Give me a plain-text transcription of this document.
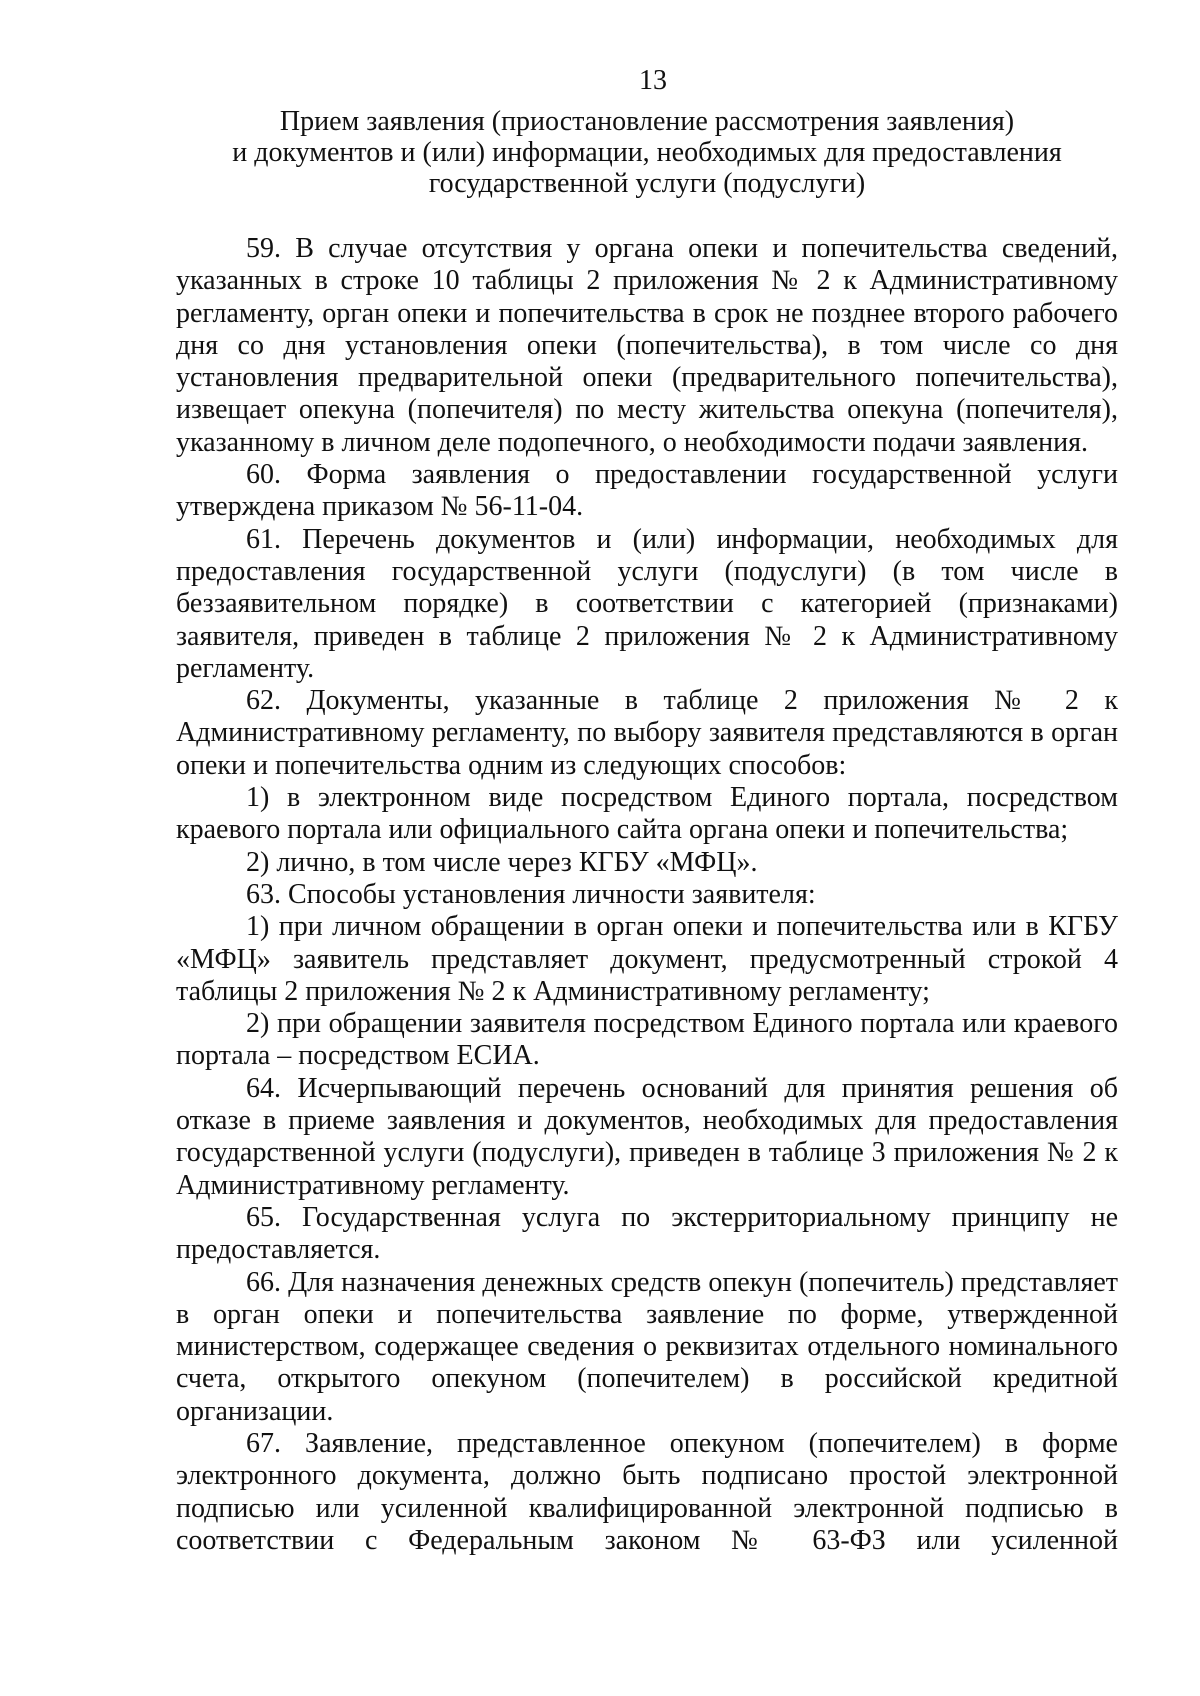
13
Прием заявления (приостановление рассмотрения заявления)
и документов и (или) информации, необходимых для предоставления
государственной услуги (подуслуги)

59. В случае отсутствия у органа опеки и попечительства сведений, указанных в строке 10 таблицы 2 приложения № 2 к Административному регламенту, орган опеки и попечительства в срок не позднее второго рабочего дня со дня установления опеки (попечительства), в том числе со дня установления предварительной опеки (предварительного попечительства), извещает опекуна (попечителя) по месту жительства опекуна (попечителя), указанному в личном деле подопечного, о необходимости подачи заявления.

60. Форма заявления о предоставлении государственной услуги утверждена приказом № 56-11-04.

61. Перечень документов и (или) информации, необходимых для предоставления государственной услуги (подуслуги) (в том числе в беззаявительном порядке) в соответствии с категорией (признаками) заявителя, приведен в таблице 2 приложения № 2 к Административному регламенту.

62. Документы, указанные в таблице 2 приложения № 2 к Административному регламенту, по выбору заявителя представляются в орган опеки и попечительства одним из следующих способов:

1) в электронном виде посредством Единого портала, посредством краевого портала или официального сайта органа опеки и попечительства;

2) лично, в том числе через КГБУ «МФЦ».

63. Способы установления личности заявителя:

1) при личном обращении в орган опеки и попечительства или в КГБУ «МФЦ» заявитель представляет документ, предусмотренный строкой 4 таблицы 2 приложения № 2 к Административному регламенту;

2) при обращении заявителя посредством Единого портала или краевого портала – посредством ЕСИА.

64. Исчерпывающий перечень оснований для принятия решения об отказе в приеме заявления и документов, необходимых для предоставления государственной услуги (подуслуги), приведен в таблице 3 приложения № 2 к Административному регламенту.

65. Государственная услуга по экстерриториальному принципу не предоставляется.

66. Для назначения денежных средств опекун (попечитель) представляет в орган опеки и попечительства заявление по форме, утвержденной министерством, содержащее сведения о реквизитах отдельного номинального счета, открытого опекуном (попечителем) в российской кредитной организации.

67. Заявление, представленное опекуном (попечителем) в форме электронного документа, должно быть подписано простой электронной подписью или усиленной квалифицированной электронной подписью в соответствии с Федеральным законом № 63-ФЗ или усиленной
